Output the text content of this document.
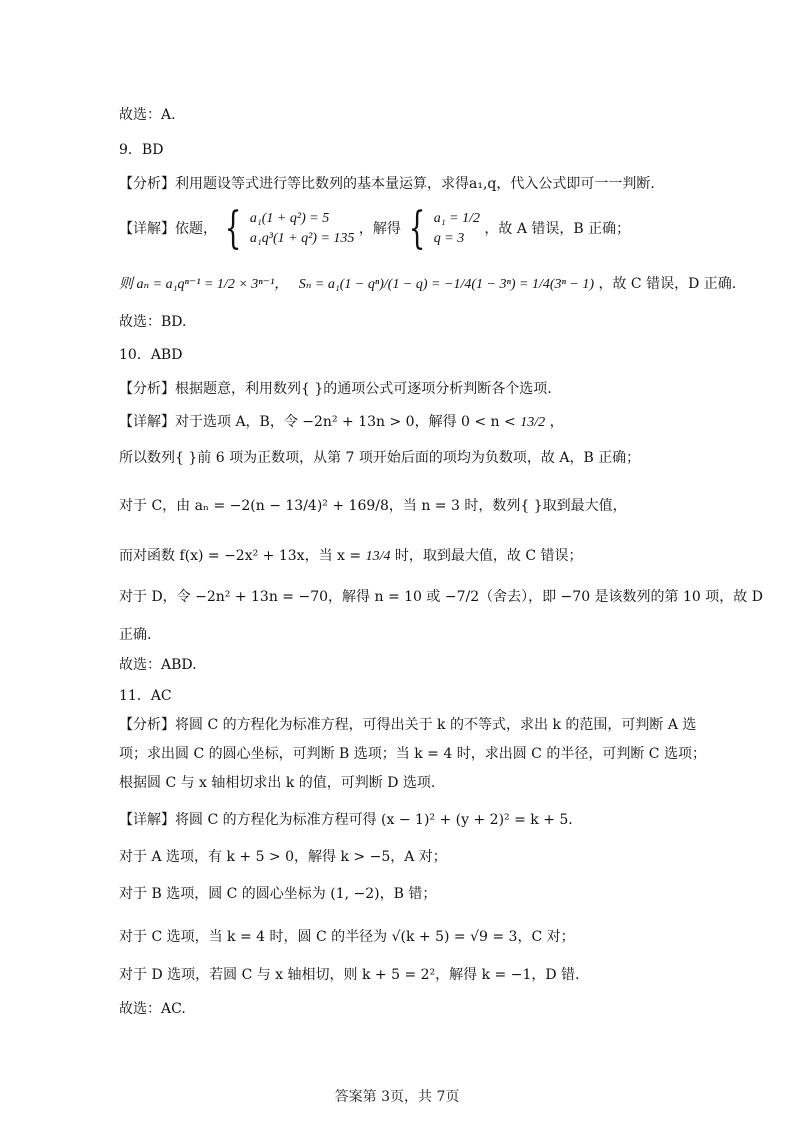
故选：A.
9．BD
【分析】利用题设等式进行等比数列的基本量运算，求得a₁,q，代入公式即可一一判断.
【详解】依题， { a₁(1 + q²) = 5
a₁q³(1 + q²) = 135
，解得 { a₁ = 1/2
q = 3
，故 A 错误，B 正确；
则 aₙ = a₁qⁿ⁻¹ = 1/2 × 3ⁿ⁻¹， Sₙ = a₁(1 − qⁿ)/(1 − q) = −1/4(1 − 3ⁿ) = 1/4(3ⁿ − 1) ，故 C 错误，D 正确.
故选：BD.
10．ABD
【分析】根据题意，利用数列{ }的通项公式可逐项分析判断各个选项.
【详解】对于选项 A，B，令 −2n² + 13n > 0，解得 0 < n < 13/2 ，
所以数列{ }前 6 项为正数项，从第 7 项开始后面的项均为负数项，故 A，B 正确；
对于 C，由 aₙ = −2(n − 13/4)² + 169/8，当 n = 3 时，数列{ }取到最大值，
而对函数 f(x) = −2x² + 13x，当 x = 13/4 时，取到最大值，故 C 错误；
对于 D，令 −2n² + 13n = −70，解得 n = 10 或 −7/2（舍去），即 −70 是该数列的第 10 项，故 D
正确.
故选：ABD.
11．AC
【分析】将圆 C 的方程化为标准方程，可得出关于 k 的不等式，求出 k 的范围，可判断 A 选
项；求出圆 C 的圆心坐标，可判断 B 选项；当 k = 4 时，求出圆 C 的半径，可判断 C 选项；
根据圆 C 与 x 轴相切求出 k 的值，可判断 D 选项.
【详解】将圆 C 的方程化为标准方程可得 (x − 1)² + (y + 2)² = k + 5.
对于 A 选项，有 k + 5 > 0，解得 k > −5，A 对；
对于 B 选项，圆 C 的圆心坐标为 (1, −2)，B 错；
对于 C 选项，当 k = 4 时，圆 C 的半径为 √(k + 5) = √9 = 3，C 对；
对于 D 选项，若圆 C 与 x 轴相切，则 k + 5 = 2²，解得 k = −1，D 错.
故选：AC.
答案第 3页，共 7页
